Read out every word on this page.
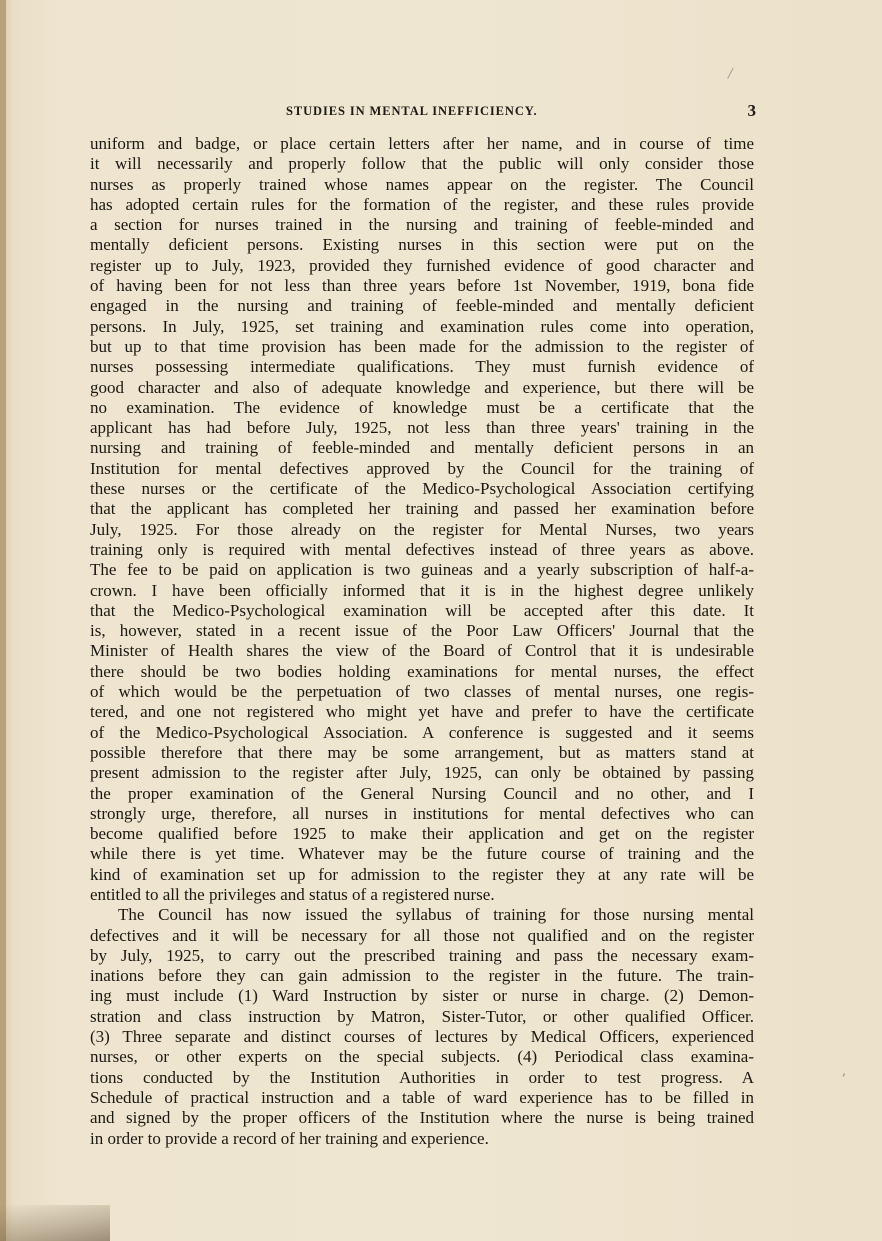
/
,
STUDIES IN MENTAL INEFFICIENCY.	3
uniform and badge, or place certain letters after her name, and in course of time
it will necessarily and properly follow that the public will only consider those
nurses as properly trained whose names appear on the register. The Council
has adopted certain rules for the formation of the register, and these rules provide
a section for nurses trained in the nursing and training of feeble-minded and
mentally deficient persons. Existing nurses in this section were put on the
register up to July, 1923, provided they furnished evidence of good character and
of having been for not less than three years before 1st November, 1919, bona fide
engaged in the nursing and training of feeble-minded and mentally deficient
persons. In July, 1925, set training and examination rules come into operation,
but up to that time provision has been made for the admission to the register of
nurses possessing intermediate qualifications. They must furnish evidence of
good character and also of adequate knowledge and experience, but there will be
no examination. The evidence of knowledge must be a certificate that the
applicant has had before July, 1925, not less than three years' training in the
nursing and training of feeble-minded and mentally deficient persons in an
Institution for mental defectives approved by the Council for the training of
these nurses or the certificate of the Medico-Psychological Association certifying
that the applicant has completed her training and passed her examination before
July, 1925. For those already on the register for Mental Nurses, two years
training only is required with mental defectives instead of three years as above.
The fee to be paid on application is two guineas and a yearly subscription of half-a-
crown. I have been officially informed that it is in the highest degree unlikely
that the Medico-Psychological examination will be accepted after this date. It
is, however, stated in a recent issue of the Poor Law Officers' Journal that the
Minister of Health shares the view of the Board of Control that it is undesirable
there should be two bodies holding examinations for mental nurses, the effect
of which would be the perpetuation of two classes of mental nurses, one regis-
tered, and one not registered who might yet have and prefer to have the certificate
of the Medico-Psychological Association. A conference is suggested and it seems
possible therefore that there may be some arrangement, but as matters stand at
present admission to the register after July, 1925, can only be obtained by passing
the proper examination of the General Nursing Council and no other, and I
strongly urge, therefore, all nurses in institutions for mental defectives who can
become qualified before 1925 to make their application and get on the register
while there is yet time. Whatever may be the future course of training and the
kind of examination set up for admission to the register they at any rate will be
entitled to all the privileges and status of a registered nurse.
The Council has now issued the syllabus of training for those nursing mental
defectives and it will be necessary for all those not qualified and on the register
by July, 1925, to carry out the prescribed training and pass the necessary exam-
inations before they can gain admission to the register in the future. The train-
ing must include (1) Ward Instruction by sister or nurse in charge. (2) Demon-
stration and class instruction by Matron, Sister-Tutor, or other qualified Officer.
(3) Three separate and distinct courses of lectures by Medical Officers, experienced
nurses, or other experts on the special subjects. (4) Periodical class examina-
tions conducted by the Institution Authorities in order to test progress. A
Schedule of practical instruction and a table of ward experience has to be filled in
and signed by the proper officers of the Institution where the nurse is being trained
in order to provide a record of her training and experience.
